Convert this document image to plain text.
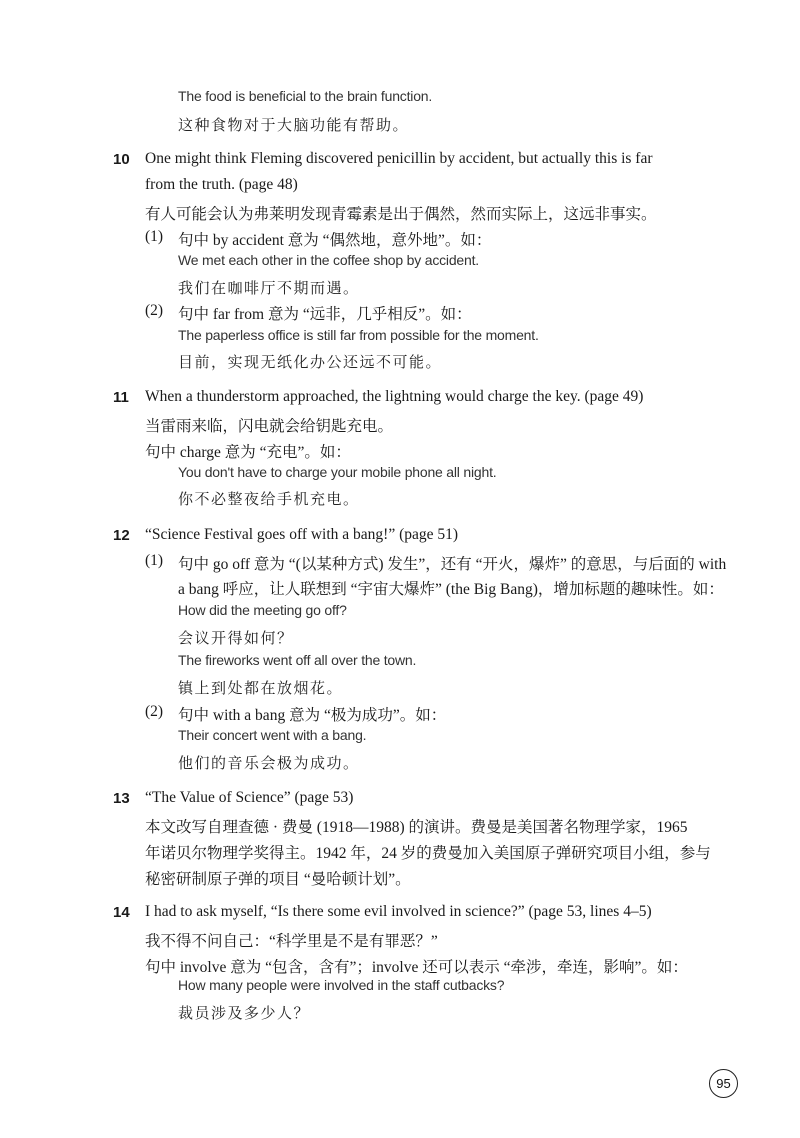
The food is beneficial to the brain function.
这种食物对于大脑功能有帮助。
10 One might think Fleming discovered penicillin by accident, but actually this is far
from the truth. (page 48)
有人可能会认为弗莱明发现青霉素是出于偶然，然而实际上，这远非事实。
(1) 句中 by accident 意为 “偶然地，意外地”。如：
We met each other in the coffee shop by accident.
我们在咖啡厅不期而遇。
(2) 句中 far from 意为 “远非，几乎相反”。如：
The paperless office is still far from possible for the moment.
目前，实现无纸化办公还远不可能。
11 When a thunderstorm approached, the lightning would charge the key. (page 49)
当雷雨来临，闪电就会给钥匙充电。
句中 charge 意为 “充电”。如：
You don't have to charge your mobile phone all night.
你不必整夜给手机充电。
12 “Science Festival goes off with a bang!” (page 51)
(1) 句中 go off 意为 “(以某种方式) 发生”，还有 “开火，爆炸” 的意思，与后面的 with
a bang 呼应，让人联想到 “宇宙大爆炸” (the Big Bang)，增加标题的趣味性。如：
How did the meeting go off?
会议开得如何？
The fireworks went off all over the town.
镇上到处都在放烟花。
(2) 句中 with a bang 意为 “极为成功”。如：
Their concert went with a bang.
他们的音乐会极为成功。
13 “The Value of Science” (page 53)
本文改写自理查德 · 费曼 (1918—1988) 的演讲。费曼是美国著名物理学家，1965
年诺贝尔物理学奖得主。1942 年，24 岁的费曼加入美国原子弹研究项目小组，参与
秘密研制原子弹的项目 “曼哈顿计划”。
14 I had to ask myself, “Is there some evil involved in science?” (page 53, lines 4–5)
我不得不问自己：“科学里是不是有罪恶？”
句中 involve 意为 “包含，含有”；involve 还可以表示 “牵涉，牵连，影响”。如：
How many people were involved in the staff cutbacks?
裁员涉及多少人？
95
